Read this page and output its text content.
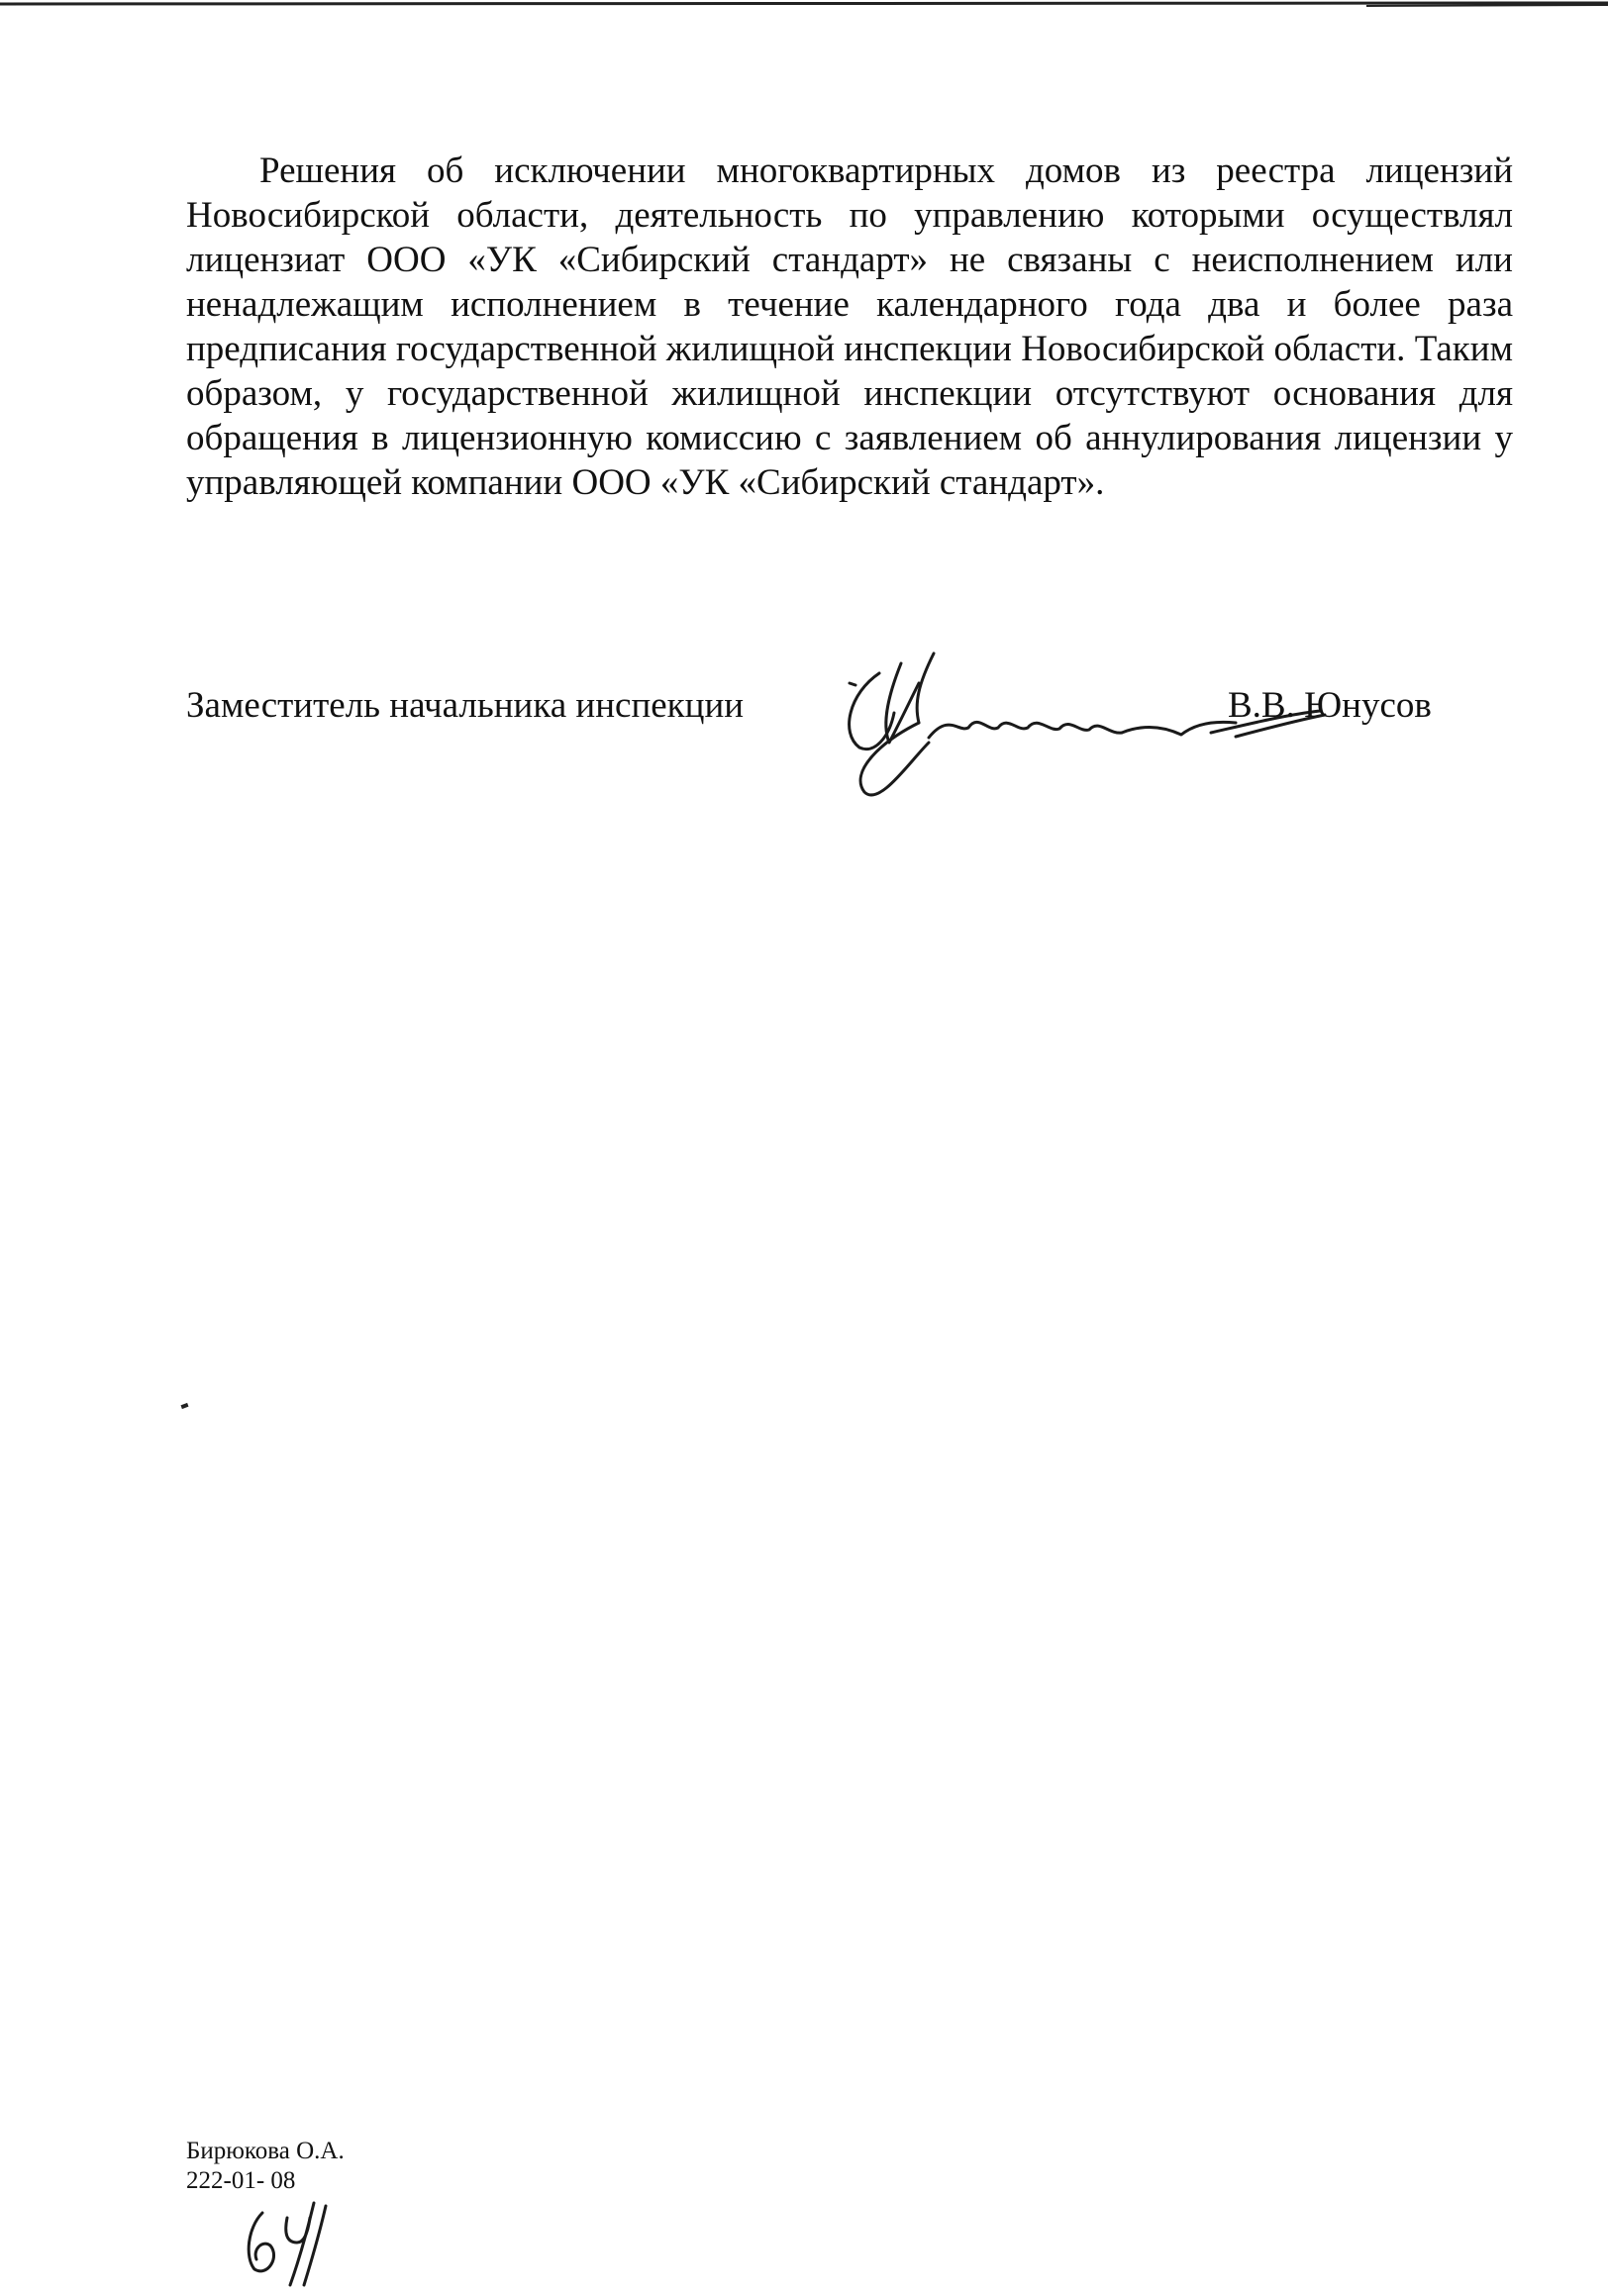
Решения об исключении многоквартирных домов из реестра лицензий Новосибирской области, деятельность по управлению которыми осуществлял лицензиат ООО «УК «Сибирский стандарт» не связаны с неисполнением или ненадлежащим исполнением в течение календарного года два и более раза предписания государственной жилищной инспекции Новосибирской области. Таким образом, у государственной жилищной инспекции отсутствуют основания для обращения в лицензионную комиссию с заявлением об аннулирования лицензии у управляющей компании ООО «УК «Сибирский стандарт».

Заместитель начальника инспекции	В.В. Юнусов
Бирюкова О.А.
222-01- 08
